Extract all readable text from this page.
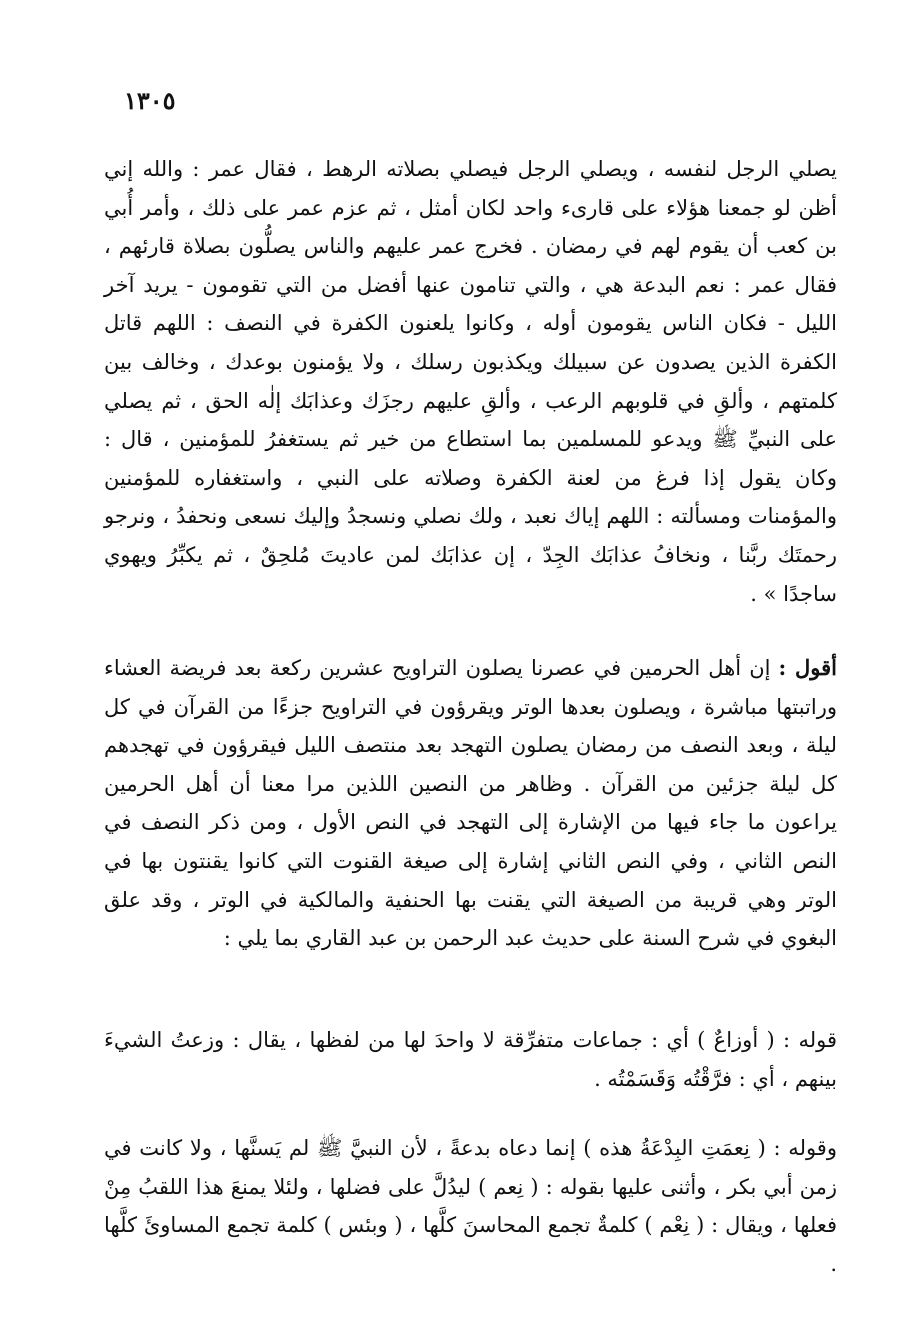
١٣٠٥
يصلي الرجل لنفسه ، ويصلي الرجل فيصلي بصلاته الرهط ، فقال عمر : والله إني أظن لو جمعنا هؤلاء على قارىء واحد لكان أمثل ، ثم عزم عمر على ذلك ، وأمر أُبي بن كعب أن يقوم لهم في رمضان . فخرج عمر عليهم والناس يصلُّون بصلاة قارئهم ، فقال عمر : نعم البدعة هي ، والتي تنامون عنها أفضل من التي تقومون - يريد آخر الليل - فكان الناس يقومون أوله ، وكانوا يلعنون الكفرة في النصف : اللهم قاتل الكفرة الذين يصدون عن سبيلك ويكذبون رسلك ، ولا يؤمنون بوعدك ، وخالف بين كلمتهم ، وألقِ في قلوبهم الرعب ، وألقِ عليهم رجزَك وعذابَك إلٰه الحق ، ثم يصلي على النبيِّ ﷺ ويدعو للمسلمين بما استطاع من خير ثم يستغفرُ للمؤمنين ، قال : وكان يقول إذا فرغ من لعنة الكفرة وصلاته على النبي ، واستغفاره للمؤمنين والمؤمنات ومسألته : اللهم إياك نعبد ، ولك نصلي ونسجدُ وإليك نسعى ونحفدُ ، ونرجو رحمتَك ربَّنا ، ونخافُ عذابَك الجِدّ ، إن عذابَك لمن عاديتَ مُلحِقٌ ، ثم يكبِّرُ ويهوي ساجدًا » .
أقول : إن أهل الحرمين في عصرنا يصلون التراويح عشرين ركعة بعد فريضة العشاء وراتبتها مباشرة ، ويصلون بعدها الوتر ويقرؤون في التراويح جزءًا من القرآن في كل ليلة ، وبعد النصف من رمضان يصلون التهجد بعد منتصف الليل فيقرؤون في تهجدهم كل ليلة جزئين من القرآن . وظاهر من النصين اللذين مرا معنا أن أهل الحرمين يراعون ما جاء فيها من الإشارة إلى التهجد في النص الأول ، ومن ذكر النصف في النص الثاني ، وفي النص الثاني إشارة إلى صيغة القنوت التي كانوا يقنتون بها في الوتر وهي قريبة من الصيغة التي يقنت بها الحنفية والمالكية في الوتر ، وقد علق البغوي في شرح السنة على حديث عبد الرحمن بن عبد القاري بما يلي :
قوله : ( أوزاعٌ ) أي : جماعات متفرِّقة لا واحدَ لها من لفظها ، يقال : وزعتُ الشيءَ بينهم ، أي : فرَّقْتُه وَقَسَمْتُه .
وقوله : ( نِعمَتِ البِدْعَةُ هذه ) إنما دعاه بدعةً ، لأن النبيَّ ﷺ لم يَسنَّها ، ولا كانت في زمن أبي بكر ، وأثنى عليها بقوله : ( نِعم ) ليدُلَّ على فضلها ، ولئلا يمنعَ هذا اللقبُ مِنْ فعلها ، ويقال : ( نِعْم ) كلمةٌ تجمع المحاسنَ كلَّها ، ( وبئس ) كلمة تجمع المساوئَ كلَّها .
